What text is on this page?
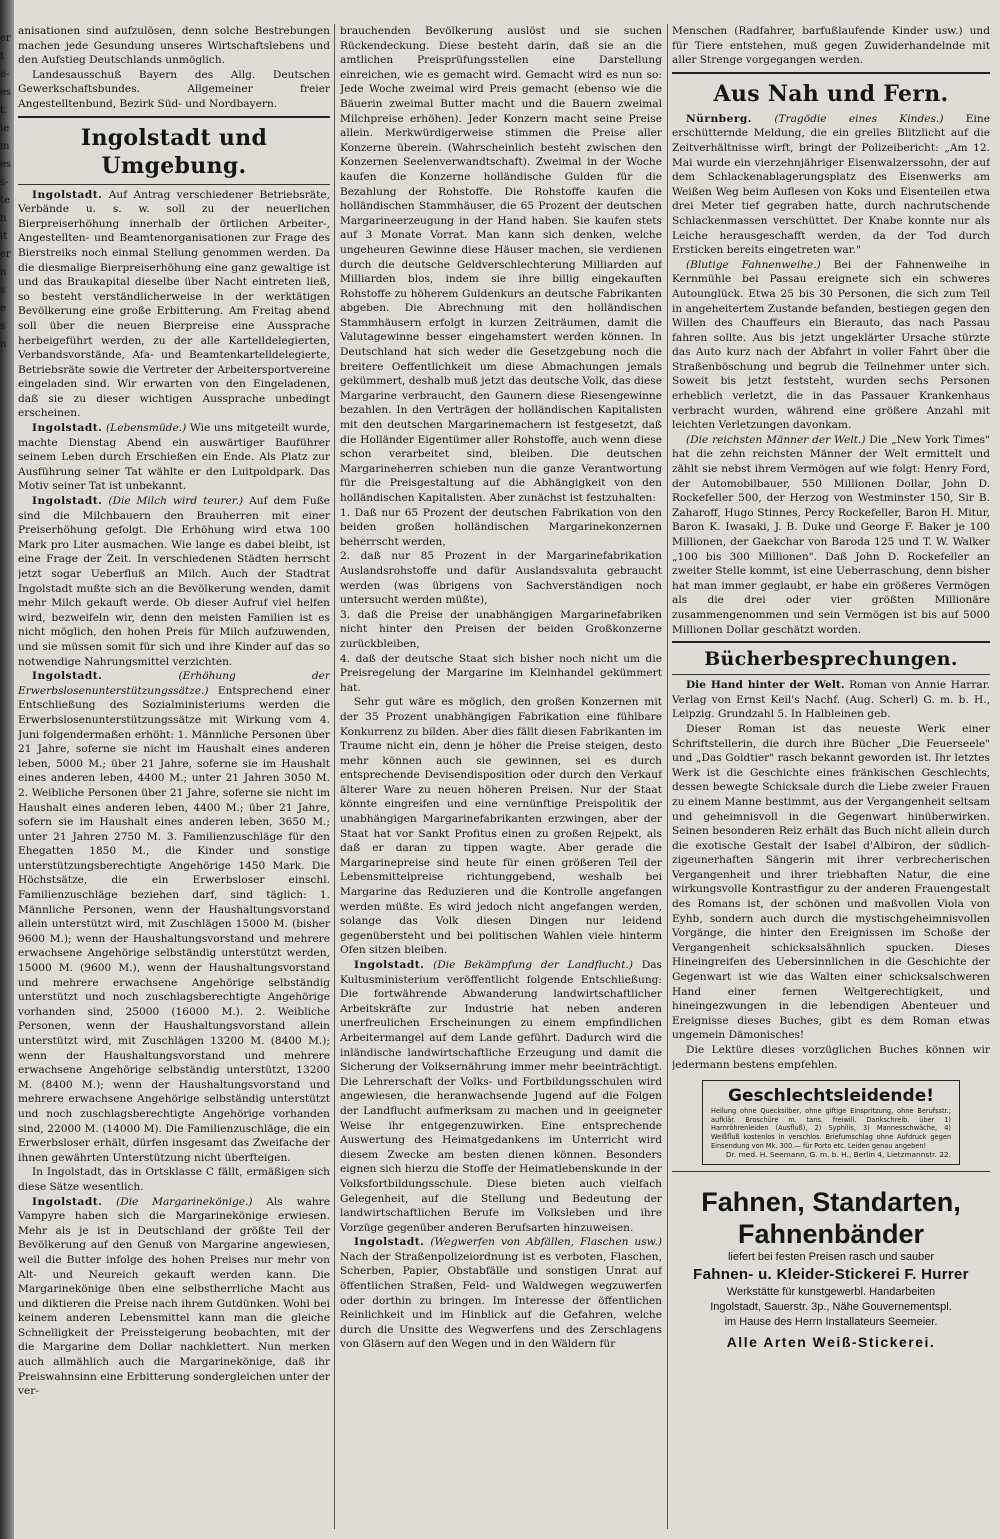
er
t
e-
es
t.
ie
m
es
s-
te
n
it
er
n
s
e
s
n

anisationen sind aufzulösen, denn solche Bestrebungen machen jede Gesundung unseres Wirtschaftslebens und den Aufstieg Deutschlands unmöglich.

Landesausschuß Bayern des Allg. Deutschen Gewerkschaftsbundes. Allgemeiner freier Angestelltenbund, Bezirk Süd- und Nordbayern.

Ingolstadt und Umgebung.

Ingolstadt. Auf Antrag verschiedener Betriebsräte, Verbände u. s. w. soll zu der neuerlichen Bierpreiserhöhung innerhalb der örtlichen Arbeiter-, Angestellten- und Beamtenorganisationen zur Frage des Bierstreiks noch einmal Stellung genommen werden. Da die diesmalige Bierpreiserhöhung eine ganz gewaltige ist und das Braukapital dieselbe über Nacht eintreten ließ, so besteht verständlicherweise in der werktätigen Bevölkerung eine große Erbitterung. Am Freitag abend soll über die neuen Bierpreise eine Aussprache herbeigeführt werden, zu der alle Kartelldelegierten, Verbandsvorstände, Afa- und Beamtenkartelldelegierte, Betriebsräte sowie die Vertreter der Arbeitersportvereine eingeladen sind. Wir erwarten von den Eingeladenen, daß sie zu dieser wichtigen Aussprache unbedingt erscheinen.

Ingolstadt. (Lebensmüde.) Wie uns mitgeteilt wurde, machte Dienstag Abend ein auswärtiger Bauführer seinem Leben durch Erschießen ein Ende. Als Platz zur Ausführung seiner Tat wählte er den Luitpoldpark. Das Motiv seiner Tat ist unbekannt.

Ingolstadt. (Die Milch wird teurer.) Auf dem Fuße sind die Milchbauern den Brauherren mit einer Preiserhöhung gefolgt. Die Erhöhung wird etwa 100 Mark pro Liter ausmachen. Wie lange es dabei bleibt, ist eine Frage der Zeit. In verschiedenen Städten herrscht jetzt sogar Ueberfluß an Milch. Auch der Stadtrat Ingolstadt mußte sich an die Bevölkerung wenden, damit mehr Milch gekauft werde. Ob dieser Aufruf viel helfen wird, bezweifeln wir, denn den meisten Familien ist es nicht möglich, den hohen Preis für Milch aufzuwenden, und sie müssen somit für sich und ihre Kinder auf das so notwendige Nahrungsmittel verzichten.

Ingolstadt.	(Erhöhung der Erwerbslosenunterstützungssätze.) Entsprechend einer Entschließung des Sozialministeriums werden die Erwerbslosenunterstützungssätze mit Wirkung vom 4. Juni folgendermaßen erhöht: 1. Männliche Personen über 21 Jahre, soferne sie nicht im Haushalt eines anderen leben, 5000 M.; über 21 Jahre, soferne sie im Haushalt eines anderen leben, 4400 M.; unter 21 Jahren 3050 M. 2. Weibliche Personen über 21 Jahre, soferne sie nicht im Haushalt eines anderen leben, 4400 M.; über 21 Jahre, sofern sie im Haushalt eines anderen leben, 3650 M.; unter 21 Jahren 2750 M. 3. Familienzuschläge für den Ehegatten 1850 M., die Kinder und sonstige unterstützungsberechtigte Angehörige 1450 Mark. Die Höchstsätze, die ein Erwerbsloser einschl. Familienzuschläge beziehen darf, sind täglich: 1. Männliche Personen, wenn der Haushaltungsvorstand allein unterstützt wird, mit Zuschlägen 15000 M. (bisher 9600 M.); wenn der Haushaltungsvorstand und mehrere erwachsene Angehörige selbständig unterstützt werden, 15000 M. (9600 M.), wenn der Haushaltungsvorstand und mehrere erwachsene Angehörige selbständig unterstützt und noch zuschlagsberechtigte Angehörige vorhanden sind, 25000 (16000 M.). 2. Weibliche Personen, wenn der Haushaltungsvorstand allein unterstützt wird, mit Zuschlägen 13200 M. (8400 M.); wenn der Haushaltungsvorstand und mehrere erwachsene Angehörige selbständig unterstützt, 13200 M. (8400 M.); wenn der Haushaltungsvorstand und mehrere erwachsene Angehörige selbständig unterstützt und noch zuschlagsberechtigte Angehörige vorhanden sind, 22000 M. (14000 M). Die Familienzuschläge, die ein Erwerbsloser erhält, dürfen insgesamt das Zweifache der ihnen gewährten Unterstützung nicht überfteigen.

In Ingolstadt, das in Ortsklasse C fällt, ermäßigen sich diese Sätze wesentlich.

Ingolstadt. (Die Margarinekönige.) Als wahre Vampyre haben sich die Margarinekönige erwiesen. Mehr als je ist in Deutschland der größte Teil der Bevölkerung auf den Genuß von Margarine angewiesen, weil die Butter infolge des hohen Preises nur mehr von Alt- und Neureich gekauft werden kann. Die Margarinekönige üben eine selbstherrliche Macht aus und diktieren die Preise nach ihrem Gutdünken. Wohl bei keinem anderen Lebensmittel kann man die gleiche Schnelligkeit der Preissteigerung beobachten, mit der die Margarine dem Dollar nachklettert. Nun merken auch allmählich auch die Margarinekönige, daß ihr Preiswahnsinn eine Erbitterung sondergleichen unter der ver-

brauchenden Bevölkerung auslöst und sie suchen Rückendeckung. Diese besteht darin, daß sie an die amtlichen Preisprüfungsstellen eine Darstellung einreichen, wie es gemacht wird. Gemacht wird es nun so: Jede Woche zweimal wird Preis gemacht (ebenso wie die Bäuerin zweimal Butter macht und die Bauern zweimal Milchpreise erhöhen). Jeder Konzern macht seine Preise allein. Merkwürdigerweise stimmen die Preise aller Konzerne überein. (Wahrscheinlich besteht zwischen den Konzernen Seelenverwandtschaft). Zweimal in der Woche kaufen die Konzerne holländische Gulden für die Bezahlung der Rohstoffe. Die Rohstoffe kaufen die holländischen Stammhäuser, die 65 Prozent der deutschen Margarineerzeugung in der Hand haben. Sie kaufen stets auf 3 Monate Vorrat. Man kann sich denken, welche ungeheuren Gewinne diese Häuser machen, sie verdienen durch die deutsche Geldverschlechterung Milliarden auf Milliarden blos, indem sie ihre billig eingekauften Rohstoffe zu höherem Guldenkurs an deutsche Fabrikanten abgeben. Die Abrechnung mit den holländischen Stammhäusern erfolgt in kurzen Zeiträumen, damit die Valutagewinne besser eingehamstert werden können. In Deutschland hat sich weder die Gesetzgebung noch die breitere Oeffentlichkeit um diese Abmachungen jemals gekümmert, deshalb muß jetzt das deutsche Volk, das diese Margarine verbraucht, den Gaunern diese Riesengewinne bezahlen. In den Verträgen der holländischen Kapitalisten mit den deutschen Margarinemachern ist festgesetzt, daß die Holländer Eigentümer aller Rohstoffe, auch wenn diese schon verarbeitet sind, bleiben. Die deutschen Margarineherren schieben nun die ganze Verantwortung für die Preisgestaltung auf die Abhängigkeit von den holländischen Kapitalisten. Aber zunächst ist festzuhalten:

1. Daß nur 65 Prozent der deutschen Fabrikation von den beiden großen holländischen Margarinekonzernen beherrscht werden,

2. daß nur 85 Prozent in der Margarinefabrikation Auslandsrohstoffe und dafür Auslandsvaluta gebraucht werden (was übrigens von Sachverständigen noch untersucht werden müßte),

3. daß die Preise der unabhängigen Margarinefabriken nicht hinter den Preisen der beiden Großkonzerne zurückbleiben,

4. daß der deutsche Staat sich bisher noch nicht um die Preisregelung der Margarine im Kleinhandel gekümmert hat.

Sehr gut wäre es möglich, den großen Konzernen mit der 35 Prozent unabhängigen Fabrikation eine fühlbare Konkurrenz zu bilden. Aber dies fällt diesen Fabrikanten im Traume nicht ein, denn je höher die Preise steigen, desto mehr können auch sie gewinnen, sei es durch entsprechende Devisendisposition oder durch den Verkauf älterer Ware zu neuen höheren Preisen. Nur der Staat könnte eingreifen und eine vernünftige Preispolitik der unabhängigen Margarinefabrikanten erzwingen, aber der Staat hat vor Sankt Profitus einen zu großen Rejpekt, als daß er daran zu tippen wagte. Aber gerade die Margarinepreise sind heute für einen größeren Teil der Lebensmittelpreise richtunggebend, weshalb bei Margarine das Reduzieren und die Kontrolle angefangen werden müßte. Es wird jedoch nicht angefangen werden, solange das Volk diesen Dingen nur leidend gegenübersteht und bei politischen Wahlen viele hinterm Ofen sitzen bleiben.

Ingolstadt. (Die Bekämpfung der Landflucht.) Das Kultusministerium veröffentlicht folgende Entschließung: Die fortwährende Abwanderung landwirtschaftlicher Arbeitskräfte zur Industrie hat neben anderen unerfreulichen Erscheinungen zu einem empfindlichen Arbeitermangel auf dem Lande geführt. Dadurch wird die inländische landwirtschaftliche Erzeugung und damit die Sicherung der Volksernährung immer mehr beeinträchtigt. Die Lehrerschaft der Volks- und Fortbildungsschulen wird angewiesen, die heranwachsende Jugend auf die Folgen der Landflucht aufmerksam zu machen und in geeigneter Weise ihr entgegenzuwirken. Eine entsprechende Auswertung des Heimatgedankens im Unterricht wird diesem Zwecke am besten dienen können. Besonders eignen sich hierzu die Stoffe der Heimatlebenskunde in der Volksfortbildungsschule. Diese bieten auch vielfach Gelegenheit, auf die Stellung und Bedeutung der landwirtschaftlichen Berufe im Volksleben und ihre Vorzüge gegenüber anderen Berufsarten hinzuweisen.

Ingolstadt. (Wegwerfen von Abfällen, Flaschen usw.) Nach der Straßenpolizeiordnung ist es verboten, Flaschen, Scherben, Papier, Obstabfälle und sonstigen Unrat auf öffentlichen Straßen, Feld- und Waldwegen wegzuwerfen oder dorthin zu bringen. Im Interesse der öffentlichen Reinlichkeit und im Hinblick auf die Gefahren, welche durch die Unsitte des Wegwerfens und des Zerschlagens von Gläsern auf den Wegen und in den Wäldern für

Menschen (Radfahrer, barfußlaufende Kinder usw.) und für Tiere entstehen, muß gegen Zuwiderhandelnde mit aller Strenge vorgegangen werden.

Aus Nah und Fern.

Nürnberg. (Tragödie eines Kindes.) Eine erschütternde Meldung, die ein grelles Blitzlicht auf die Zeitverhältnisse wirft, bringt der Polizeibericht: „Am 12. Mai wurde ein vierzehnjähriger Eisenwalzerssohn, der auf dem Schlackenablagerungsplatz des Eisenwerks am Weißen Weg beim Auflesen von Koks und Eisenteilen etwa drei Meter tief gegraben hatte, durch nachrutschende Schlackenmassen verschüttet. Der Knabe konnte nur als Leiche herausgeschafft werden, da der Tod durch Ersticken bereits eingetreten war."

(Blutige Fahnenweihe.) Bei der Fahnenweihe in Kernmühle bei Passau ereignete sich ein schweres Autounglück. Etwa 25 bis 30 Personen, die sich zum Teil in angeheitertem Zustande befanden, bestiegen gegen den Willen des Chauffeurs ein Bierauto, das nach Passau fahren sollte. Aus bis jetzt ungeklärter Ursache stürzte das Auto kurz nach der Abfahrt in voller Fahrt über die Straßenböschung und begrub die Teilnehmer unter sich. Soweit bis jetzt feststeht, wurden sechs Personen erheblich verletzt, die in das Passauer Krankenhaus verbracht wurden, während eine größere Anzahl mit leichten Verletzungen davonkam.

(Die reichsten Männer der Welt.) Die „New York Times" hat die zehn reichsten Männer der Welt ermittelt und zählt sie nebst ihrem Vermögen auf wie folgt: Henry Ford, der Automobilbauer, 550 Millionen Dollar, John D. Rockefeller 500, der Herzog von Westminster 150, Sir B. Zaharoff, Hugo Stinnes, Percy Rockefeller, Baron H. Mitur, Baron K. Iwasaki, J. B. Duke und George F. Baker je 100 Millionen, der Gaekchar von Baroda 125 und T. W. Walker „100 bis 300 Millionen". Daß John D. Rockefeller an zweiter Stelle kommt, ist eine Ueberraschung, denn bisher hat man immer geglaubt, er habe ein größeres Vermögen als die drei oder vier größten Millionäre zusammengenommen und sein Vermögen ist bis auf 5000 Millionen Dollar geschätzt worden.

Bücherbesprechungen.

Die Hand hinter der Welt. Roman von Annie Harrar. Verlag von Ernst Keil's Nachf. (Aug. Scherl) G. m. b. H., Leipzig. Grundzahl 5. In Halbleinen geb.

Dieser Roman ist das neueste Werk einer Schriftstellerin, die durch ihre Bücher „Die Feuerseele" und „Das Goldtier" rasch bekannt geworden ist. Ihr letztes Werk ist die Geschichte eines fränkischen Geschlechts, dessen bewegte Schicksale durch die Liebe zweier Frauen zu einem Manne bestimmt, aus der Vergangenheit seltsam und geheimnisvoll in die Gegenwart hinüberwirken. Seinen besonderen Reiz erhält das Buch nicht allein durch die exotische Gestalt der Isabel d'Albiron, der südlich-zigeunerhaften Sängerin mit ihrer verbrecherischen Vergangenheit und ihrer triebhaften Natur, die eine wirkungsvolle Kontrastfigur zu der anderen Frauengestalt des Romans ist, der schönen und maßvollen Viola von Eyhb, sondern auch durch die mystischgeheimnisvollen Vorgänge, die hinter den Ereignissen im Schoße der Vergangenheit schicksalsähnlich spucken. Dieses Hineingreifen des Uebersinnlichen in die Geschichte der Gegenwart ist wie das Walten einer schicksalschweren Hand einer fernen Weltgerechtigkeit, und hineingezwungen in die lebendigen Abenteuer und Ereignisse dieses Buches, gibt es dem Roman etwas ungemein Dämonisches!

Die Lektüre dieses vorzüglichen Buches können wir jedermann bestens empfehlen.

Geschlechtsleidende!
Heilung ohne Quecksilber, ohne giftige Einspritzung, ohne Berufsstr.; aufklär. Broschüre m. tans. freiwill. Dankschreib. über 1) Harnröhrenleiden (Ausfluß), 2) Syphilis, 3) Mannesschwäche, 4) Weißfluß kostenlos in verschlos. Briefumschlag ohne Aufdruck gegen Einsendung von Mk. 300.— für Porto etc. Leiden genau angeben!
Dr. med. H. Seemann, G. m. b. H., Berlin 4, Lietzmannstr. 22.
Fahnen, Standarten,
Fahnenbänder
liefert bei festen Preisen rasch und sauber
Fahnen- u. Kleider-Stickerei F. Hurrer
Werkstätte für kunstgewerbl. Handarbeiten
Ingolstadt, Sauerstr. 3p., Nähe Gouvernementspl.
im Hause des Herrn Installateurs Seemeier.
Alle Arten Weiß-Stickerei.
